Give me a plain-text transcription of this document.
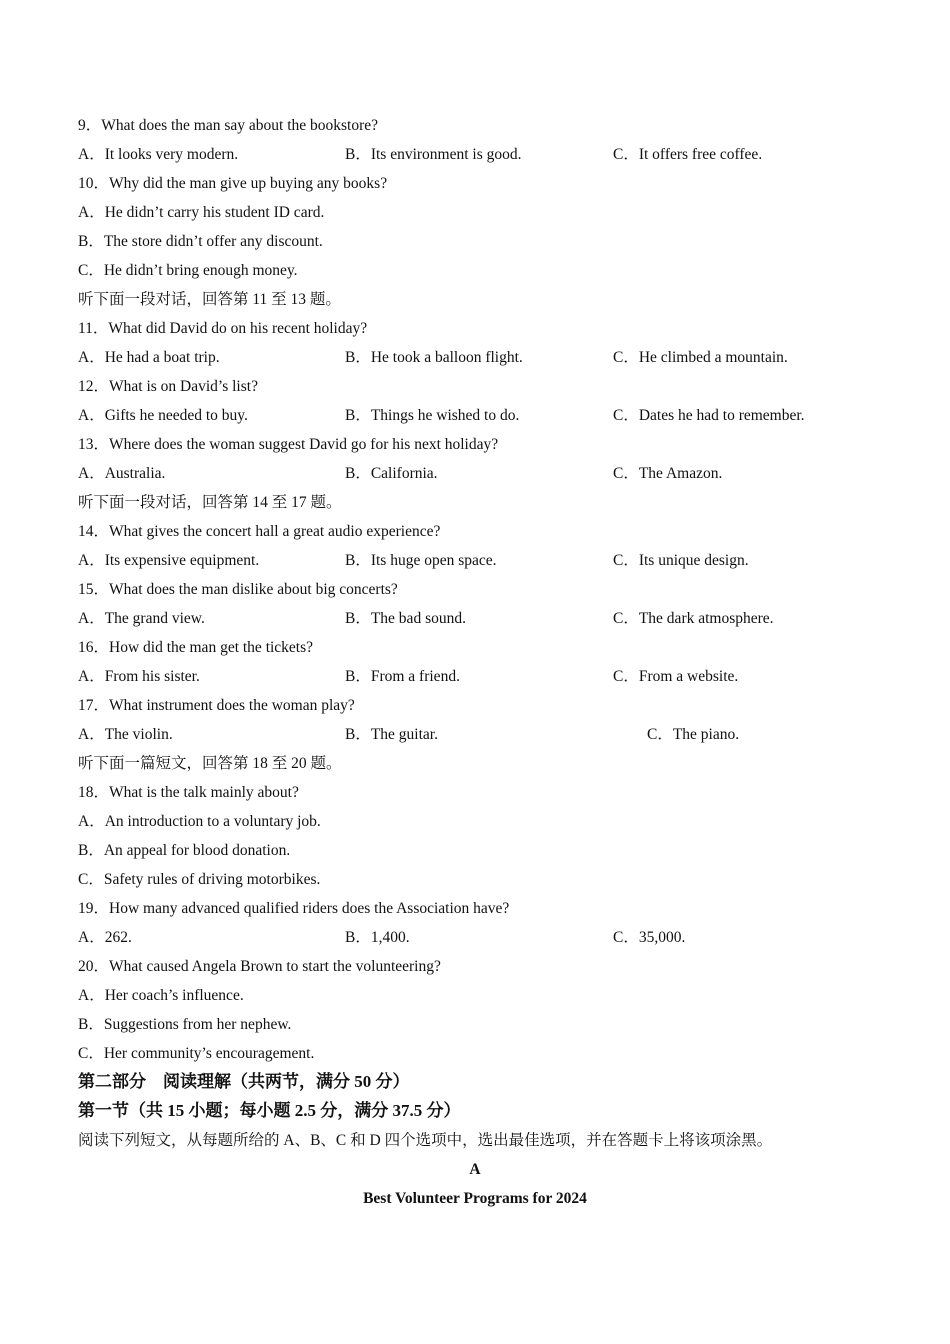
9．What does the man say about the bookstore?
A．It looks very modern.	B．Its environment is good.	C．It offers free coffee.
10．Why did the man give up buying any books?
A．He didn’t carry his student ID card.
B．The store didn’t offer any discount.
C．He didn’t bring enough money.
听下面一段对话，回答第 11 至 13 题。
11．What did David do on his recent holiday?
A．He had a boat trip.	B．He took a balloon flight.	C．He climbed a mountain.
12．What is on David’s list?
A．Gifts he needed to buy.	B．Things he wished to do.	C．Dates he had to remember.
13．Where does the woman suggest David go for his next holiday?
A．Australia.	B．California.	C．The Amazon.
听下面一段对话，回答第 14 至 17 题。
14．What gives the concert hall a great audio experience?
A．Its expensive equipment.	B．Its huge open space.	C．Its unique design.
15．What does the man dislike about big concerts?
A．The grand view.	B．The bad sound.	C．The dark atmosphere.
16．How did the man get the tickets?
A．From his sister.	B．From a friend.	C．From a website.
17．What instrument does the woman play?
A．The violin.	B．The guitar.	C．The piano.
听下面一篇短文，回答第 18 至 20 题。
18．What is the talk mainly about?
A．An introduction to a voluntary job.
B．An appeal for blood donation.
C．Safety rules of driving motorbikes.
19．How many advanced qualified riders does the Association have?
A．262.	B．1,400.	C．35,000.
20．What caused Angela Brown to start the volunteering?
A．Her coach’s influence.
B．Suggestions from her nephew.
C．Her community’s encouragement.
第二部分　阅读理解（共两节，满分 50 分）
第一节（共 15 小题；每小题 2.5 分，满分 37.5 分）
阅读下列短文，从每题所给的 A、B、C 和 D 四个选项中，选出最佳选项，并在答题卡上将该项涂黑。
A
Best Volunteer Programs for 2024
